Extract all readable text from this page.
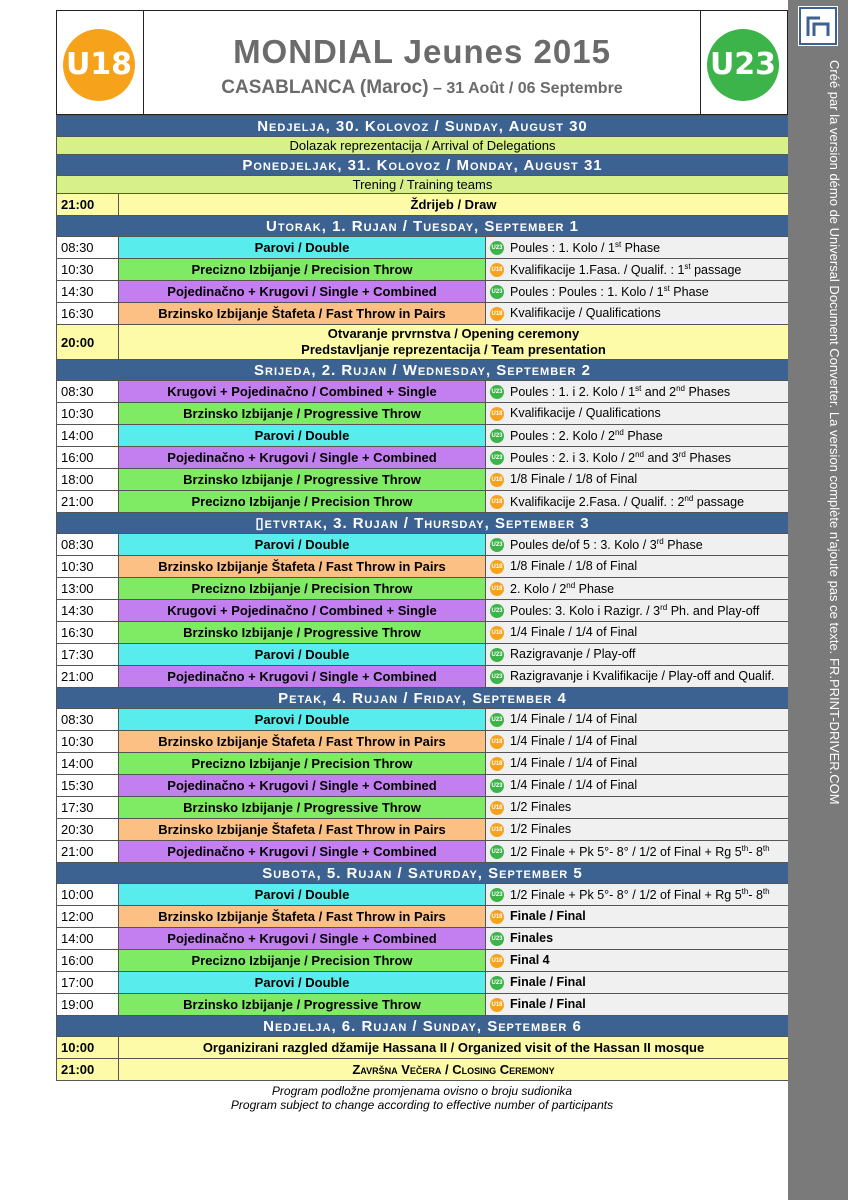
U18	MONDIAL Jeunes 2015
CASABLANCA (Maroc) – 31 Août / 06 Septembre
U23
Nedjelja, 30. Kolovoz / Sunday, August 30		
Dolazak reprezentacija / Arrival of Delegations		
Ponedjeljak, 31. Kolovoz / Monday, August 31		
Trening / Training teams		
21:00	Ždrijeb / Draw	
Utorak, 1. Rujan / Tuesday, September 1		
08:30	Parovi / Double	U23 Poules : 1. Kolo / 1st Phase
10:30	Precizno Izbijanje / Precision Throw	U18 Kvalifikacije 1.Fasa. / Qualif. : 1st passage
14:30	Pojedinačno + Krugovi / Single + Combined	U23 Poules : Poules : 1. Kolo / 1st Phase
16:30	Brzinsko Izbijanje Štafeta / Fast Throw in Pairs	U18 Kvalifikacije / Qualifications
20:00	Otvaranje prvrnstva / Opening ceremony
Predstavljanje reprezentacija / Team presentation	

Srijeda, 2. Rujan / Wednesday, September 2		
08:30	Krugovi + Pojedinačno / Combined + Single	U23 Poules : 1. i 2. Kolo / 1st and 2nd Phases
10:30	Brzinsko Izbijanje / Progressive Throw	U18 Kvalifikacije / Qualifications
14:00	Parovi / Double	U23 Poules : 2. Kolo / 2nd Phase
16:00	Pojedinačno + Krugovi / Single + Combined	U23 Poules : 2. i 3. Kolo / 2nd and 3rd Phases
18:00	Brzinsko Izbijanje / Progressive Throw	U18 1/8 Finale / 1/8 of Final
21:00	Precizno Izbijanje / Precision Throw	U18 Kvalifikacije 2.Fasa. / Qualif. : 2nd passage
▯etvrtak, 3. Rujan / Thursday, September 3		
08:30	Parovi / Double	U23 Poules de/of 5 : 3. Kolo / 3rd Phase
10:30	Brzinsko Izbijanje Štafeta / Fast Throw in Pairs	U18 1/8 Finale / 1/8 of Final
13:00	Precizno Izbijanje / Precision Throw	U18 2. Kolo / 2nd Phase
14:30	Krugovi + Pojedinačno / Combined + Single	U23 Poules: 3. Kolo i Razigr. / 3rd Ph. and Play-off
16:30	Brzinsko Izbijanje / Progressive Throw	U18 1/4 Finale / 1/4 of Final
17:30	Parovi / Double	U23 Razigravanje / Play-off
21:00	Pojedinačno + Krugovi / Single + Combined	U23 Razigravanje i Kvalifikacije / Play-off and Qualif.
Petak, 4. Rujan / Friday, September 4		
08:30	Parovi / Double	U23 1/4 Finale / 1/4 of Final
10:30	Brzinsko Izbijanje Štafeta / Fast Throw in Pairs	U18 1/4 Finale / 1/4 of Final
14:00	Precizno Izbijanje / Precision Throw	U18 1/4 Finale / 1/4 of Final
15:30	Pojedinačno + Krugovi / Single + Combined	U23 1/4 Finale / 1/4 of Final
17:30	Brzinsko Izbijanje / Progressive Throw	U18 1/2 Finales
20:30	Brzinsko Izbijanje Štafeta / Fast Throw in Pairs	U18 1/2 Finales
21:00	Pojedinačno + Krugovi / Single + Combined	U23 1/2 Finale + Pk 5°- 8° / 1/2 of Final + Rg 5th- 8th
Subota, 5. Rujan / Saturday, September 5		
10:00	Parovi / Double	U23 1/2 Finale + Pk 5°- 8° / 1/2 of Final + Rg 5th- 8th
12:00	Brzinsko Izbijanje Štafeta / Fast Throw in Pairs	U18 Finale / Final
14:00	Pojedinačno + Krugovi / Single + Combined	U23 Finales
16:00	Precizno Izbijanje / Precision Throw	U18 Final 4
17:00	Parovi / Double	U23 Finale / Final
19:00	Brzinsko Izbijanje / Progressive Throw	U18 Finale / Final
Nedjelja, 6. Rujan / Sunday, September 6		
10:00	Organizirani razgled džamije Hassana II / Organized visit of the Hassan II mosque	
21:00	Završna Večera / Closing Ceremony	
Program podložne promjenama ovisno o broju sudionika
Program subject to change according to effective number of participants
Créé par la version démo de Universal Document Converter. La version complète n'ajoute pas ce texte. FR.PRINT-DRIVER.COM
